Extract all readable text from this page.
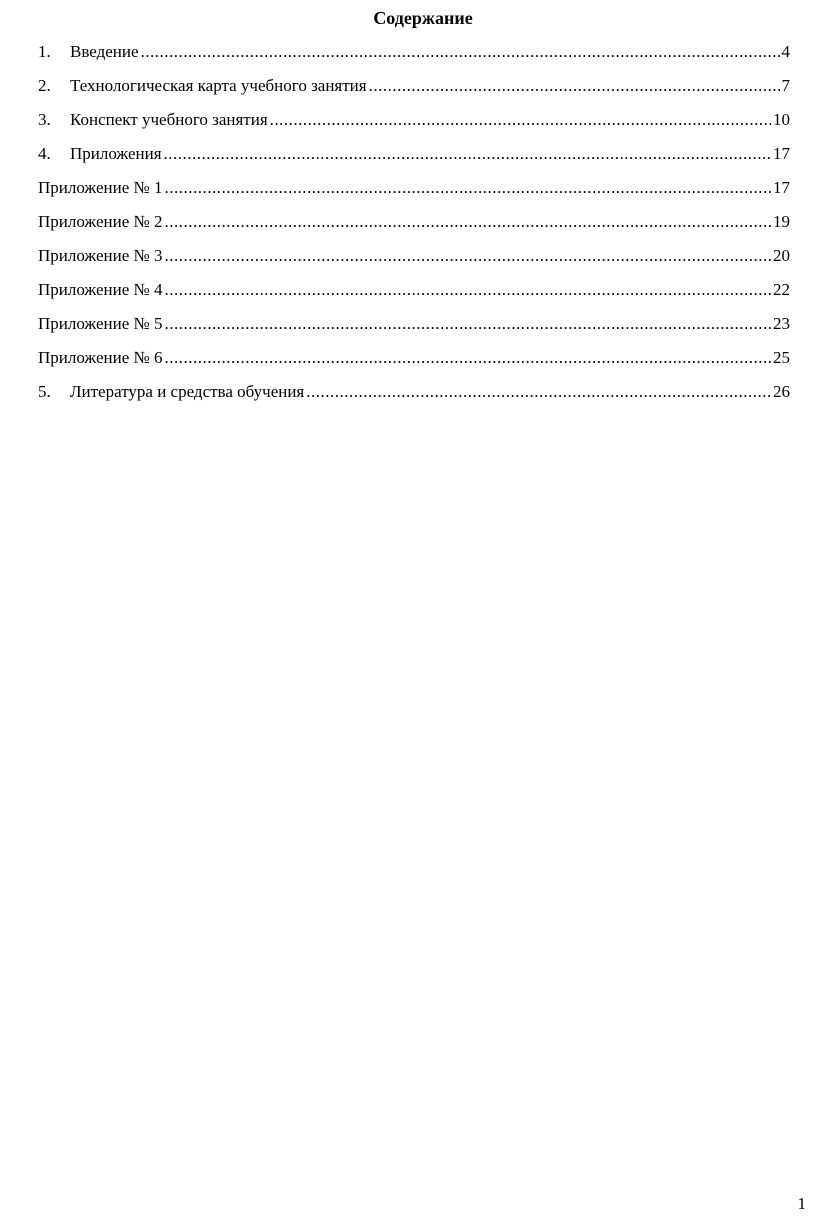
Содержание
1.	Введение .....	4
2.	Технологическая карта учебного занятия .....	7
3.	Конспект учебного занятия .....	10
4.	Приложения .....	17
Приложение № 1 .....	17
Приложение № 2 .....	19
Приложение № 3 .....	20
Приложение № 4 .....	22
Приложение № 5 .....	23
Приложение № 6 .....	25
5.	Литература и средства обучения .....	26
1
